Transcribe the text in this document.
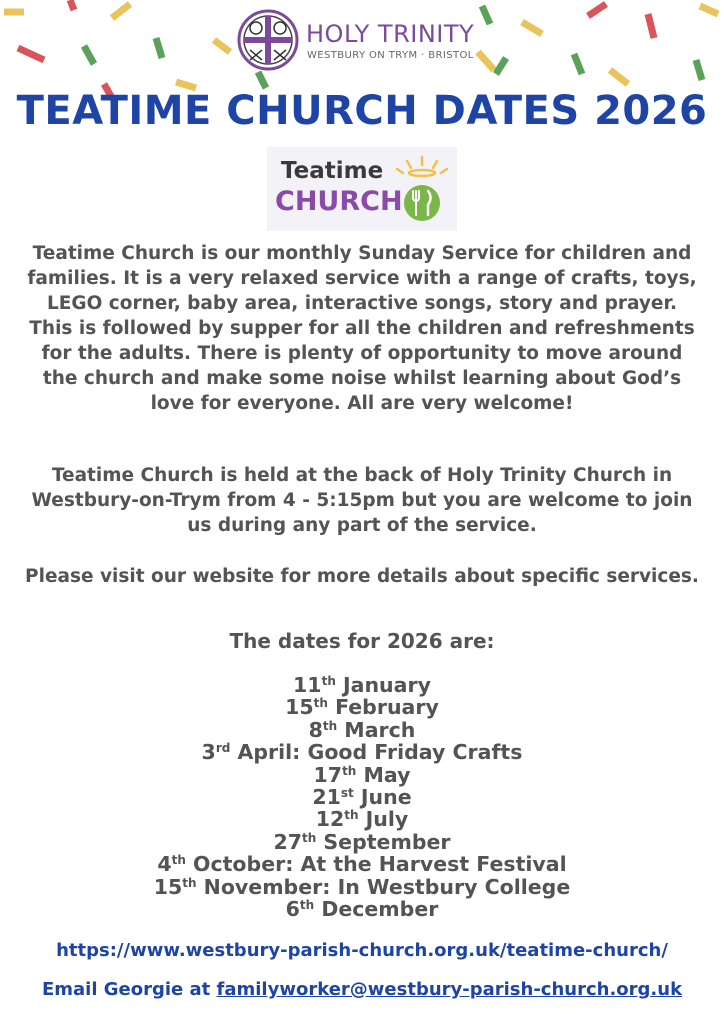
HOLY TRINITY
WESTBURY ON TRYM · BRISTOL
TEATIME CHURCH DATES 2026
Teatime
CHURCH

Teatime Church is our monthly Sunday Service for children and families. It is a very relaxed service with a range of crafts, toys, LEGO corner, baby area, interactive songs, story and prayer. This is followed by supper for all the children and refreshments for the adults. There is plenty of opportunity to move around the church and make some noise whilst learning about God’s love for everyone. All are very welcome!

Teatime Church is held at the back of Holy Trinity Church in Westbury-on-Trym from 4 - 5:15pm but you are welcome to join us during any part of the service.

Please visit our website for more details about specific services.

The dates for 2026 are:
11th January
15th February
8th March
3rd April: Good Friday Crafts
17th May
21st June
12th July
27th September
4th October: At the Harvest Festival
15th November: In Westbury College
6th December
https://www.westbury-parish-church.org.uk/teatime-church/
Email Georgie at familyworker@westbury-parish-church.org.uk
